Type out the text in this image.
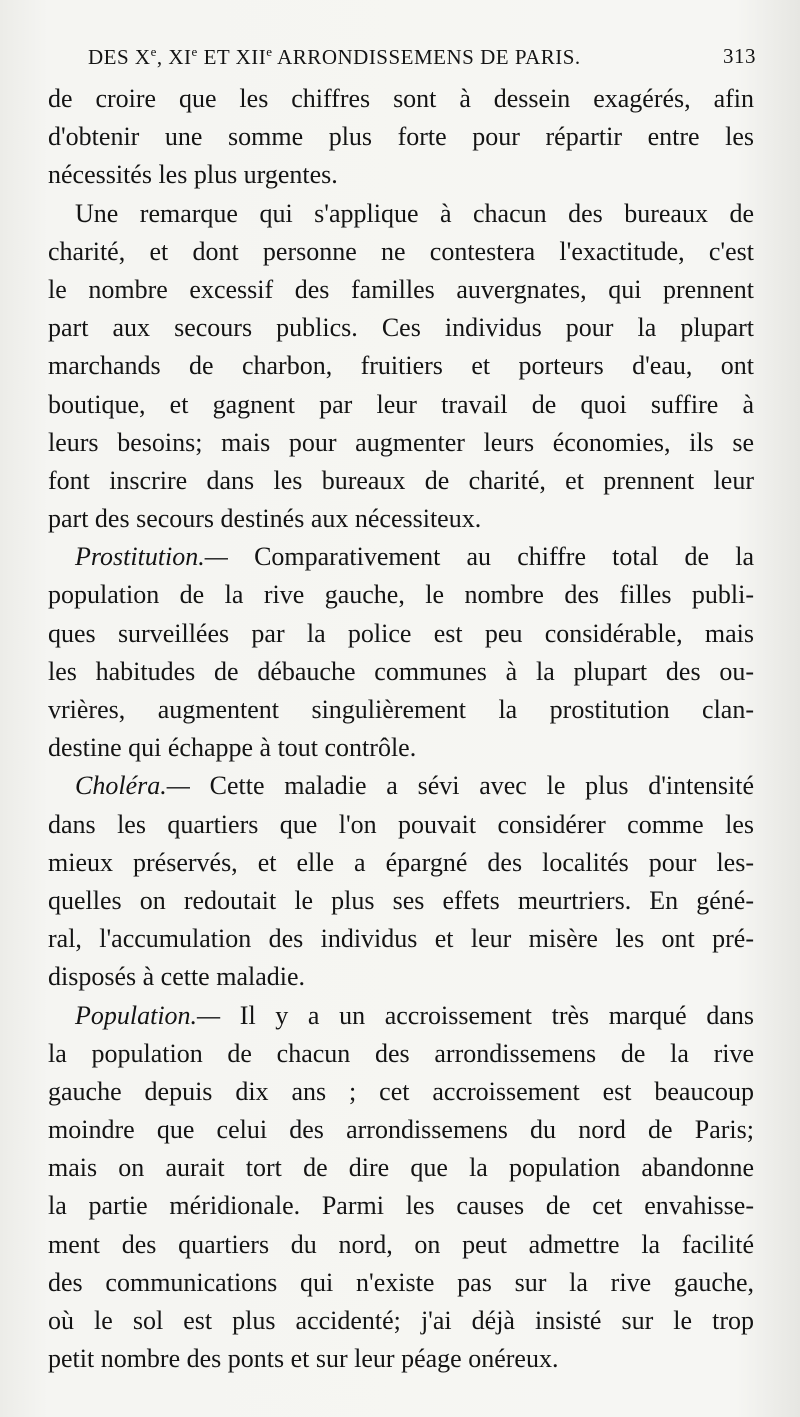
DES Xe, XIe ET XIIe ARRONDISSEMENS DE PARIS.	313
de croire que les chiffres sont à dessein exagérés, afin
d'obtenir une somme plus forte pour répartir entre les
nécessités les plus urgentes.
Une remarque qui s'applique à chacun des bureaux de
charité, et dont personne ne contestera l'exactitude, c'est
le nombre excessif des familles auvergnates, qui prennent
part aux secours publics. Ces individus pour la plupart
marchands de charbon, fruitiers et porteurs d'eau, ont
boutique, et gagnent par leur travail de quoi suffire à
leurs besoins; mais pour augmenter leurs économies, ils se
font inscrire dans les bureaux de charité, et prennent leur
part des secours destinés aux nécessiteux.
Prostitution.— Comparativement au chiffre total de la
population de la rive gauche, le nombre des filles publi-
ques surveillées par la police est peu considérable, mais
les habitudes de débauche communes à la plupart des ou-
vrières, augmentent singulièrement la prostitution clan-
destine qui échappe à tout contrôle.
Choléra.— Cette maladie a sévi avec le plus d'intensité
dans les quartiers que l'on pouvait considérer comme les
mieux préservés, et elle a épargné des localités pour les-
quelles on redoutait le plus ses effets meurtriers. En géné-
ral, l'accumulation des individus et leur misère les ont pré-
disposés à cette maladie.
Population.— Il y a un accroissement très marqué dans
la population de chacun des arrondissemens de la rive
gauche depuis dix ans ; cet accroissement est beaucoup
moindre que celui des arrondissemens du nord de Paris;
mais on aurait tort de dire que la population abandonne
la partie méridionale. Parmi les causes de cet envahisse-
ment des quartiers du nord, on peut admettre la facilité
des communications qui n'existe pas sur la rive gauche,
où le sol est plus accidenté; j'ai déjà insisté sur le trop
petit nombre des ponts et sur leur péage onéreux.
